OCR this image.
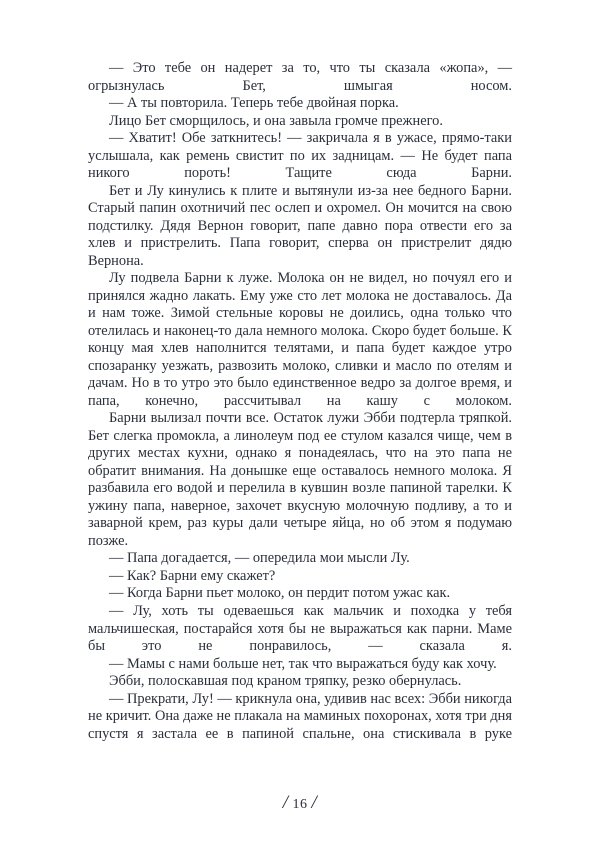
— Это тебе он надерет за то, что ты сказала «жопа», — огрызнулась Бет, шмыгая носом.

— А ты повторила. Теперь тебе двойная порка.

Лицо Бет сморщилось, и она завыла громче прежнего.

— Хватит! Обе заткнитесь! — закричала я в ужасе, прямо-таки услышала, как ремень свистит по их задницам. — Не будет папа никого пороть! Тащите сюда Барни.

Бет и Лу кинулись к плите и вытянули из-за нее бедного Барни. Старый папин охотничий пес ослеп и охромел. Он мочится на свою подстилку. Дядя Вернон говорит, папе давно пора отвести его за хлев и пристрелить. Папа говорит, сперва он пристрелит дядю Вернона.

Лу подвела Барни к луже. Молока он не видел, но почуял его и принялся жадно лакать. Ему уже сто лет молока не доставалось. Да и нам тоже. Зимой стельные коровы не доились, одна только что отелилась и наконец-то дала немного молока. Скоро будет больше. К концу мая хлев наполнится телятами, и папа будет каждое утро спозаранку уезжать, развозить молоко, сливки и масло по отелям и дачам. Но в то утро это было единственное ведро за долгое время, и папа, конечно, рассчитывал на кашу с молоком.

Барни вылизал почти все. Остаток лужи Эбби подтерла тряпкой. Бет слегка промокла, а линолеум под ее стулом казался чище, чем в других местах кухни, однако я понадеялась, что на это папа не обратит внимания. На донышке еще оставалось немного молока. Я разбавила его водой и перелила в кувшин возле папиной тарелки. К ужину папа, наверное, захочет вкусную молочную подливу, а то и заварной крем, раз куры дали четыре яйца, но об этом я подумаю позже.

— Папа догадается, — опередила мои мысли Лу.

— Как? Барни ему скажет?

— Когда Барни пьет молоко, он пердит потом ужас как.

— Лу, хоть ты одеваешься как мальчик и походка у тебя мальчишеская, постарайся хотя бы не выражаться как парни. Маме бы это не понравилось, — сказала я.

— Мамы с нами больше нет, так что выражаться буду как хочу.

Эбби, полоскавшая под краном тряпку, резко обернулась.

— Прекрати, Лу! — крикнула она, удивив нас всех: Эбби никогда не кричит. Она даже не плакала на маминых похоронах, хотя три дня спустя я застала ее в папиной спальне, она стискивала в руке

/ 16 /
